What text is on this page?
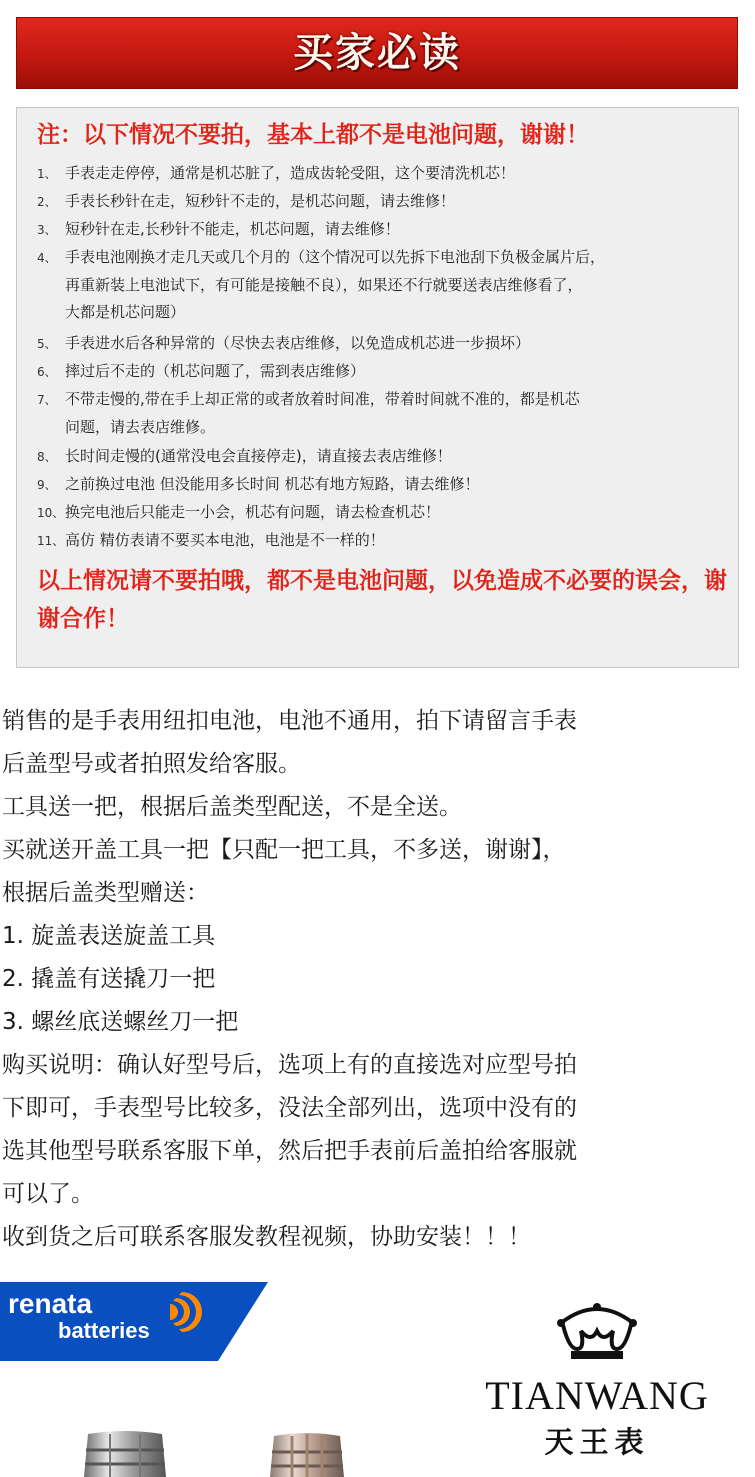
买家必读
注：以下情况不要拍，基本上都不是电池问题，谢谢！
1、 手表走走停停，通常是机芯脏了，造成齿轮受阻，这个要清洗机芯！
2、 手表长秒针在走，短秒针不走的，是机芯问题，请去维修！
3、 短秒针在走,长秒针不能走，机芯问题，请去维修！
4、 手表电池刚换才走几天或几个月的（这个情况可以先拆下电池刮下负极金属片后，
再重新装上电池试下，有可能是接触不良），如果还不行就要送表店维修看了，
大都是机芯问题）
5、 手表进水后各种异常的（尽快去表店维修，以免造成机芯进一步损坏）
6、 摔过后不走的（机芯问题了，需到表店维修）
7、 不带走慢的,带在手上却正常的或者放着时间准，带着时间就不准的，都是机芯
问题，请去表店维修。
8、 长时间走慢的(通常没电会直接停走)，请直接去表店维修！
9、 之前换过电池 但没能用多长时间 机芯有地方短路，请去维修！
10、换完电池后只能走一小会，机芯有问题，请去检查机芯！
11、高仿 精仿表请不要买本电池，电池是不一样的！
以上情况请不要拍哦，都不是电池问题，以免造成不必要的误会，谢谢合作！
销售的是手表用纽扣电池，电池不通用，拍下请留言手表
后盖型号或者拍照发给客服。
工具送一把，根据后盖类型配送，不是全送。
买就送开盖工具一把【只配一把工具，不多送，谢谢】，
根据后盖类型赠送：
1. 旋盖表送旋盖工具
2. 撬盖有送撬刀一把
3. 螺丝底送螺丝刀一把
购买说明：确认好型号后，选项上有的直接选对应型号拍
下即可，手表型号比较多，没法全部列出，选项中没有的
选其他型号联系客服下单，然后把手表前后盖拍给客服就
可以了。
收到货之后可联系客服发教程视频，协助安装！！！
renata
batteries
TIANWANG
天王表
